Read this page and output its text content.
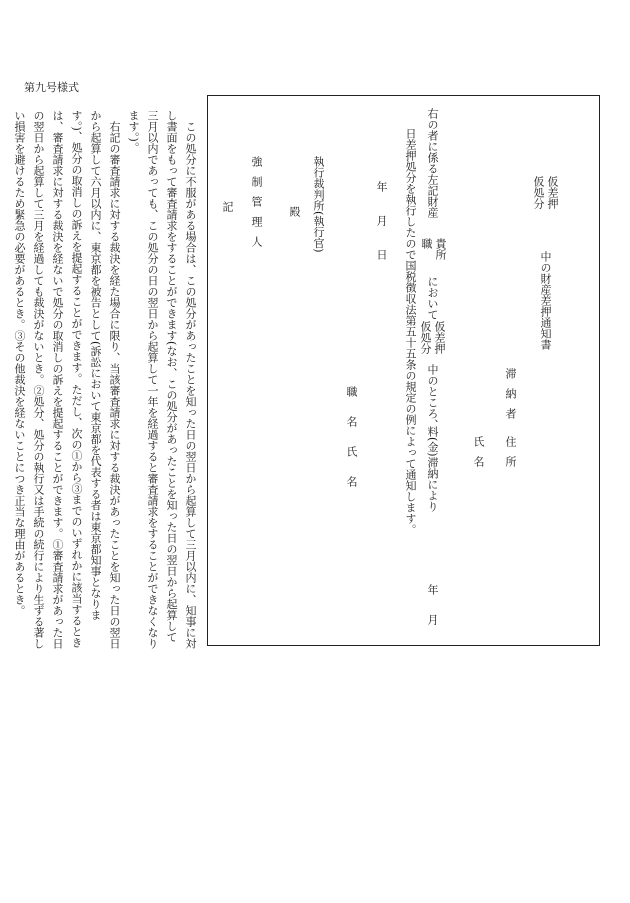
第九号様式
仮差押
仮処分
中の財産差押通知書
滞納者
住所
氏名
右の者に係る左記財産
貴所
職
において
仮差押
仮処分
中のところ、
料(金)滞納により
年
月
日差押処分を執行したので国税徴収法第五十五条の規定の例によって通知します。
年　月　日
職　名　氏　名
執行裁判所(執行官)
殿
強制管理人
記

この処分に不服がある場合は、この処分があったことを知った日の翌日から起算して三月以内に、知事に対し書面をもって審査請求をすることができます(なお、この処分があったことを知った日の翌日から起算して三月以内であっても、この処分の日の翌日から起算して一年を経過すると審査請求をすることができなくなります。)。

右記の審査請求に対する裁決を経た場合に限り、当該審査請求に対する裁決があったことを知った日の翌日から起算して六月以内に、東京都を被告として(訴訟において東京都を代表する者は東京都知事となります。)、処分の取消しの訴えを提起することができます。ただし、次の①から③までのいずれかに該当するときは、審査請求に対する裁決を経ないで処分の取消しの訴えを提起することができます。①審査請求があった日の翌日から起算して三月を経過しても裁決がないとき。②処分、処分の執行又は手続の続行により生ずる著しい損害を避けるため緊急の必要があるとき。③その他裁決を経ないことにつき正当な理由があるとき。
